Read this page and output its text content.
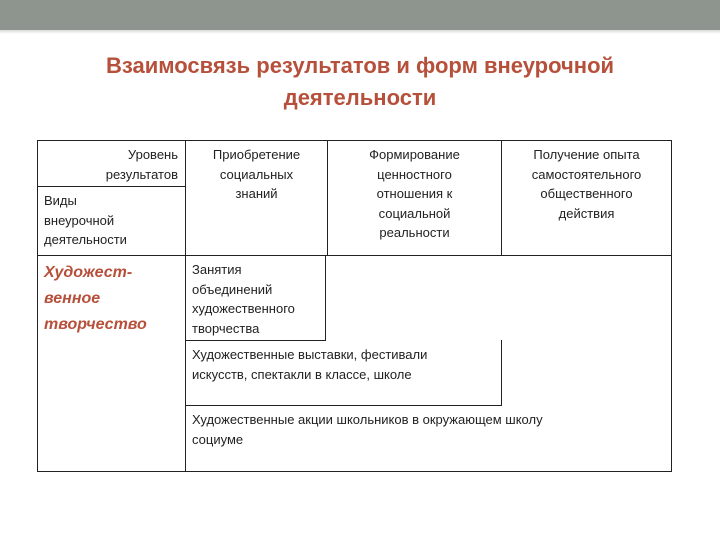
Взаимосвязь результатов и форм внеурочной
деятельности
Уровень
результатов
Виды
внеурочной
деятельности
Приобретение
социальных
знаний
Формирование
ценностного
отношения к
социальной
реальности
Получение опыта
самостоятельного
общественного
действия
Художест-
венное
творчество
Занятия
объединений
художественного
творчества
Художественные выставки, фестивали
искусств, спектакли в классе, школе
Художественные акции школьников в окружающем школу
социуме
